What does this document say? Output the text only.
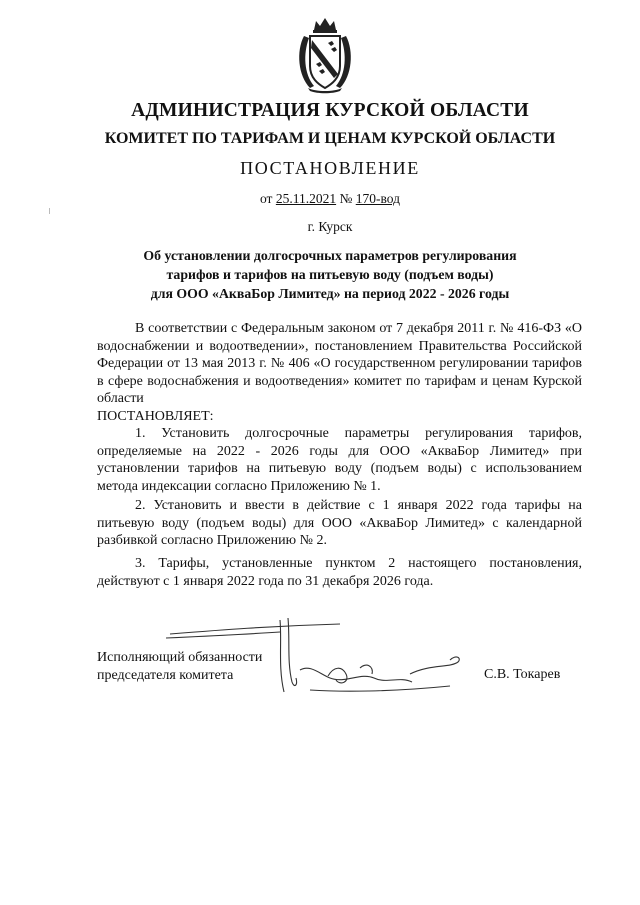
АДМИНИСТРАЦИЯ КУРСКОЙ ОБЛАСТИ
КОМИТЕТ ПО ТАРИФАМ И ЦЕНАМ КУРСКОЙ ОБЛАСТИ
ПОСТАНОВЛЕНИЕ
от 25.11.2021 № 170-вод
г. Курск
Об установлении долгосрочных параметров регулирования
тарифов и тарифов на питьевую воду (подъем воды)
для ООО «АкваБор Лимитед» на период 2022 - 2026 годы
В соответствии с Федеральным законом от 7 декабря 2011 г. № 416-ФЗ «О водоснабжении и водоотведении», постановлением Правительства Российской Федерации от 13 мая 2013 г. № 406 «О государственном регулировании тарифов в сфере водоснабжения и водоотведения» комитет по тарифам и ценам Курской области
ПОСТАНОВЛЯЕТ:
1. Установить долгосрочные параметры регулирования тарифов, определяемые на 2022 - 2026 годы для ООО «АкваБор Лимитед» при установлении тарифов на питьевую воду (подъем воды) с использованием метода индексации согласно Приложению № 1.
2. Установить и ввести в действие с 1 января 2022 года тарифы на питьевую воду (подъем воды) для ООО «АкваБор Лимитед» с календарной разбивкой согласно Приложению № 2.
3. Тарифы, установленные пунктом 2 настоящего постановления, действуют с 1 января 2022 года по 31 декабря 2026 года.
Исполняющий обязанности
председателя комитета	С.В. Токарев
